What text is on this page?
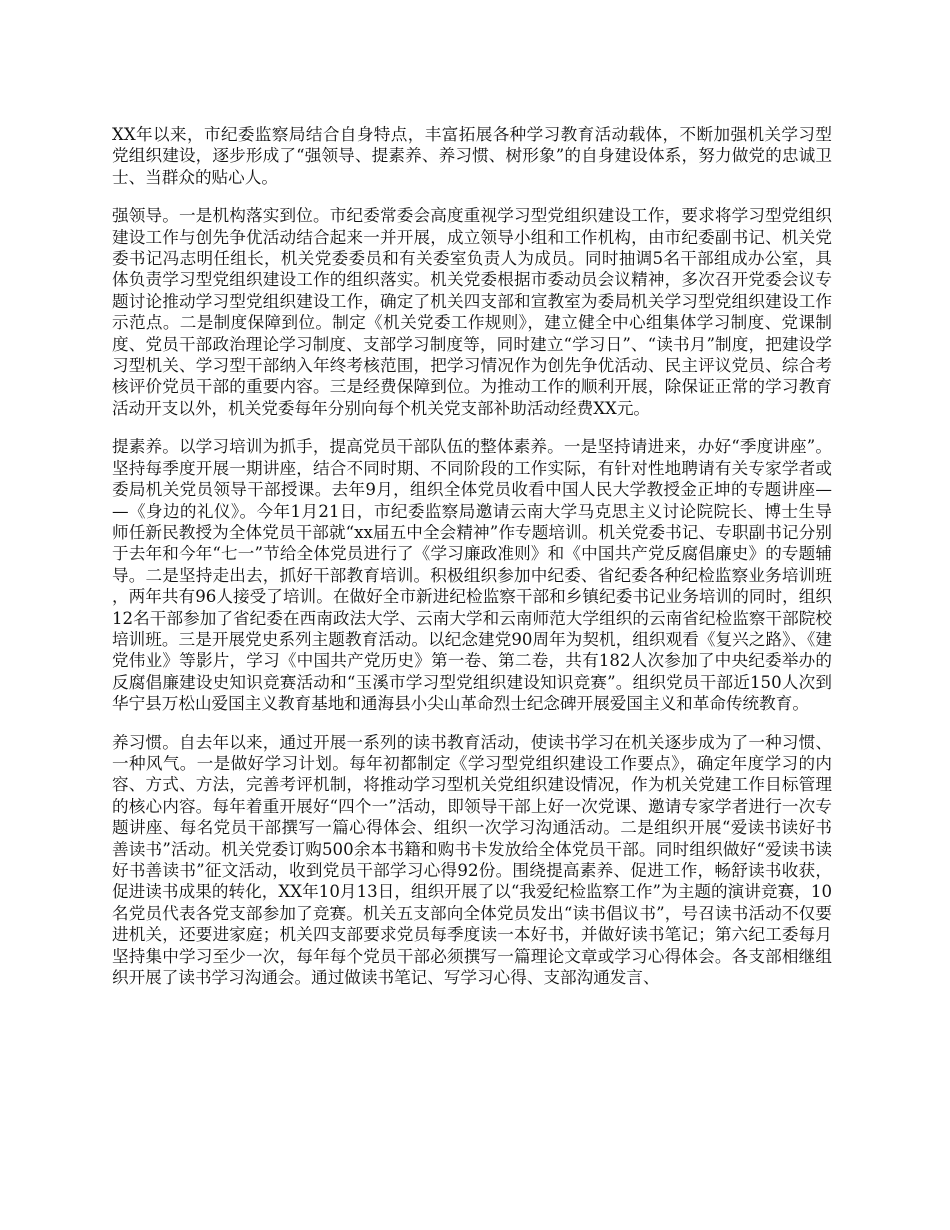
XX年以来，市纪委监察局结合自身特点，丰富拓展各种学习教育活动载体，不断加强机关学习型党组织建设，逐步形成了“强领导、提素养、养习惯、树形象”的自身建设体系，努力做党的忠诚卫士、当群众的贴心人。

强领导。一是机构落实到位。市纪委常委会高度重视学习型党组织建设工作，要求将学习型党组织建设工作与创先争优活动结合起来一并开展，成立领导小组和工作机构，由市纪委副书记、机关党委书记冯志明任组长，机关党委委员和有关委室负责人为成员。同时抽调5名干部组成办公室，具体负责学习型党组织建设工作的组织落实。机关党委根据市委动员会议精神，多次召开党委会议专题讨论推动学习型党组织建设工作，确定了机关四支部和宣教室为委局机关学习型党组织建设工作示范点。二是制度保障到位。制定《机关党委工作规则》，建立健全中心组集体学习制度、党课制度、党员干部政治理论学习制度、支部学习制度等，同时建立“学习日”、“读书月”制度，把建设学习型机关、学习型干部纳入年终考核范围，把学习情况作为创先争优活动、民主评议党员、综合考核评价党员干部的重要内容。三是经费保障到位。为推动工作的顺利开展，除保证正常的学习教育活动开支以外，机关党委每年分别向每个机关党支部补助活动经费XX元。

提素养。以学习培训为抓手，提高党员干部队伍的整体素养。一是坚持请进来，办好“季度讲座”。坚持每季度开展一期讲座，结合不同时期、不同阶段的工作实际，有针对性地聘请有关专家学者或委局机关党员领导干部授课。去年9月，组织全体党员收看中国人民大学教授金正坤的专题讲座——《身边的礼仪》。今年1月21日，市纪委监察局邀请云南大学马克思主义讨论院院长、博士生导师任新民教授为全体党员干部就“xx届五中全会精神”作专题培训。机关党委书记、专职副书记分别于去年和今年“七一”节给全体党员进行了《学习廉政准则》和《中国共产党反腐倡廉史》的专题辅导。二是坚持走出去，抓好干部教育培训。积极组织参加中纪委、省纪委各种纪检监察业务培训班，两年共有96人接受了培训。在做好全市新进纪检监察干部和乡镇纪委书记业务培训的同时，组织12名干部参加了省纪委在西南政法大学、云南大学和云南师范大学组织的云南省纪检监察干部院校培训班。三是开展党史系列主题教育活动。以纪念建党90周年为契机，组织观看《复兴之路》、《建党伟业》等影片，学习《中国共产党历史》第一卷、第二卷，共有182人次参加了中央纪委举办的反腐倡廉建设史知识竞赛活动和“玉溪市学习型党组织建设知识竞赛”。组织党员干部近150人次到华宁县万松山爱国主义教育基地和通海县小尖山革命烈士纪念碑开展爱国主义和革命传统教育。

养习惯。自去年以来，通过开展一系列的读书教育活动，使读书学习在机关逐步成为了一种习惯、一种风气。一是做好学习计划。每年初都制定《学习型党组织建设工作要点》，确定年度学习的内容、方式、方法，完善考评机制，将推动学习型机关党组织建设情况，作为机关党建工作目标管理的核心内容。每年着重开展好“四个一”活动，即领导干部上好一次党课、邀请专家学者进行一次专题讲座、每名党员干部撰写一篇心得体会、组织一次学习沟通活动。二是组织开展“爱读书读好书善读书”活动。机关党委订购500余本书籍和购书卡发放给全体党员干部。同时组织做好“爱读书读好书善读书”征文活动，收到党员干部学习心得92份。围绕提高素养、促进工作，畅舒读书收获，促进读书成果的转化，XX年10月13日，组织开展了以“我爱纪检监察工作”为主题的演讲竞赛，10名党员代表各党支部参加了竞赛。机关五支部向全体党员发出“读书倡议书”，号召读书活动不仅要进机关，还要进家庭；机关四支部要求党员每季度读一本好书，并做好读书笔记；第六纪工委每月坚持集中学习至少一次，每年每个党员干部必须撰写一篇理论文章或学习心得体会。各支部相继组织开展了读书学习沟通会。通过做读书笔记、写学习心得、支部沟通发言、
